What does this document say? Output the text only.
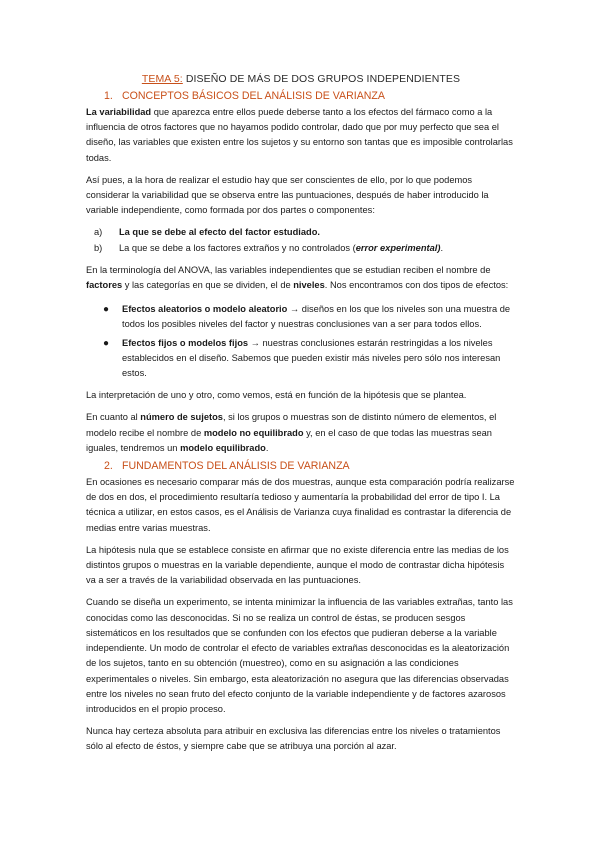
TEMA 5: DISEÑO DE MÁS DE DOS GRUPOS INDEPENDIENTES
1. CONCEPTOS BÁSICOS DEL ANÁLISIS DE VARIANZA

La variabilidad que aparezca entre ellos puede deberse tanto a los efectos del fármaco como a la influencia de otros factores que no hayamos podido controlar, dado que por muy perfecto que sea el diseño, las variables que existen entre los sujetos y su entorno son tantas que es imposible controlarlas todas.

Así pues, a la hora de realizar el estudio hay que ser conscientes de ello, por lo que podemos considerar la variabilidad que se observa entre las puntuaciones, después de haber introducido la variable independiente, como formada por dos partes o componentes:

a) La que se debe al efecto del factor estudiado.
b) La que se debe a los factores extraños y no controlados (error experimental).

En la terminología del ANOVA, las variables independientes que se estudian reciben el nombre de factores y las categorías en que se dividen, el de niveles. Nos encontramos con dos tipos de efectos:

● Efectos aleatorios o modelo aleatorio → diseños en los que los niveles son una muestra de todos los posibles niveles del factor y nuestras conclusiones van a ser para todos ellos.
● Efectos fijos o modelos fijos → nuestras conclusiones estarán restringidas a los niveles establecidos en el diseño. Sabemos que pueden existir más niveles pero sólo nos interesan estos.

La interpretación de uno y otro, como vemos, está en función de la hipótesis que se plantea.

En cuanto al número de sujetos, si los grupos o muestras son de distinto número de elementos, el modelo recibe el nombre de modelo no equilibrado y, en el caso de que todas las muestras sean iguales, tendremos un modelo equilibrado.

2. FUNDAMENTOS DEL ANÁLISIS DE VARIANZA

En ocasiones es necesario comparar más de dos muestras, aunque esta comparación podría realizarse de dos en dos, el procedimiento resultaría tedioso y aumentaría la probabilidad del error de tipo I. La técnica a utilizar, en estos casos, es el Análisis de Varianza cuya finalidad es contrastar la diferencia de medias entre varias muestras.

La hipótesis nula que se establece consiste en afirmar que no existe diferencia entre las medias de los distintos grupos o muestras en la variable dependiente, aunque el modo de contrastar dicha hipótesis va a ser a través de la variabilidad observada en las puntuaciones.

Cuando se diseña un experimento, se intenta minimizar la influencia de las variables extrañas, tanto las conocidas como las desconocidas. Si no se realiza un control de éstas, se producen sesgos sistemáticos en los resultados que se confunden con los efectos que pudieran deberse a la variable independiente. Un modo de controlar el efecto de variables extrañas desconocidas es la aleatorización de los sujetos, tanto en su obtención (muestreo), como en su asignación a las condiciones experimentales o niveles. Sin embargo, esta aleatorización no asegura que las diferencias observadas entre los niveles no sean fruto del efecto conjunto de la variable independiente y de factores azarosos introducidos en el propio proceso.

Nunca hay certeza absoluta para atribuir en exclusiva las diferencias entre los niveles o tratamientos sólo al efecto de éstos, y siempre cabe que se atribuya una porción al azar.
